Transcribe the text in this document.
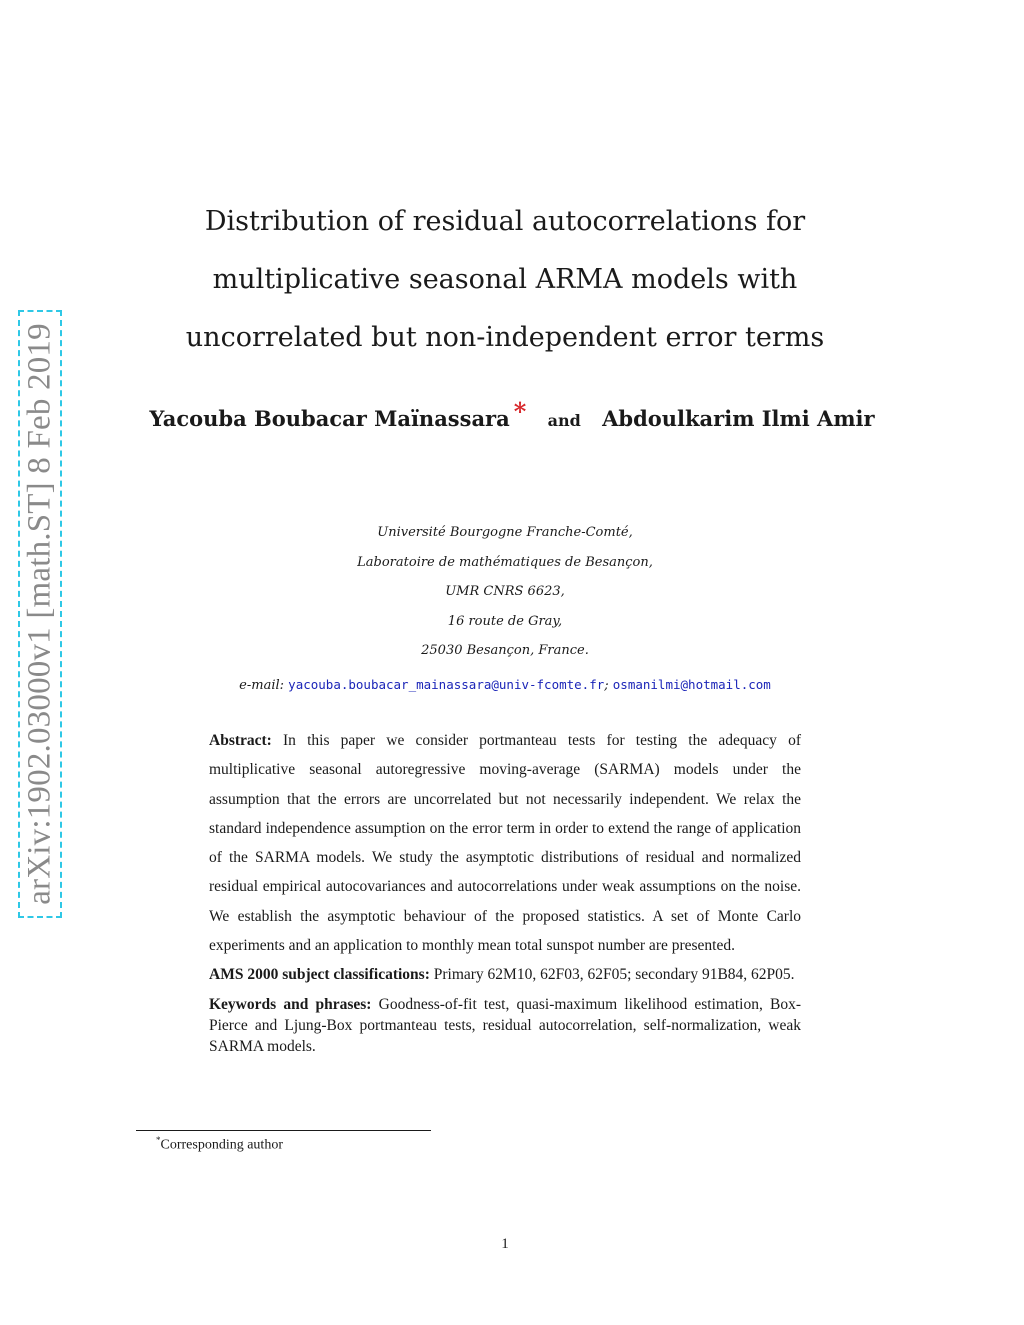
arXiv:1902.03000v1 [math.ST] 8 Feb 2019
Distribution of residual autocorrelations for
multiplicative seasonal ARMA models with
uncorrelated but non-independent error terms
Yacouba Boubacar Maïnassara * and Abdoulkarim Ilmi Amir
Université Bourgogne Franche-Comté,
Laboratoire de mathématiques de Besançon,
UMR CNRS 6623,
16 route de Gray,
25030 Besançon, France.
e-mail: yacouba.boubacar_mainassara@univ-fcomte.fr; osmanilmi@hotmail.com
Abstract: In this paper we consider portmanteau tests for testing the adequacy of multiplicative seasonal autoregressive moving-average (SARMA) models under the assumption that the errors are uncorrelated but not necessarily independent. We relax the standard independence assumption on the error term in order to extend the range of application of the SARMA models. We study the asymptotic distributions of residual and normalized residual empirical autocovariances and autocorrelations under weak assumptions on the noise. We establish the asymptotic behaviour of the proposed statistics. A set of Monte Carlo experiments and an application to monthly mean total sunspot number are presented.
AMS 2000 subject classifications: Primary 62M10, 62F03, 62F05; secondary 91B84, 62P05.
Keywords and phrases: Goodness-of-fit test, quasi-maximum likelihood estimation, Box-Pierce and Ljung-Box portmanteau tests, residual autocorrelation, self-normalization, weak SARMA models.
*Corresponding author
1
